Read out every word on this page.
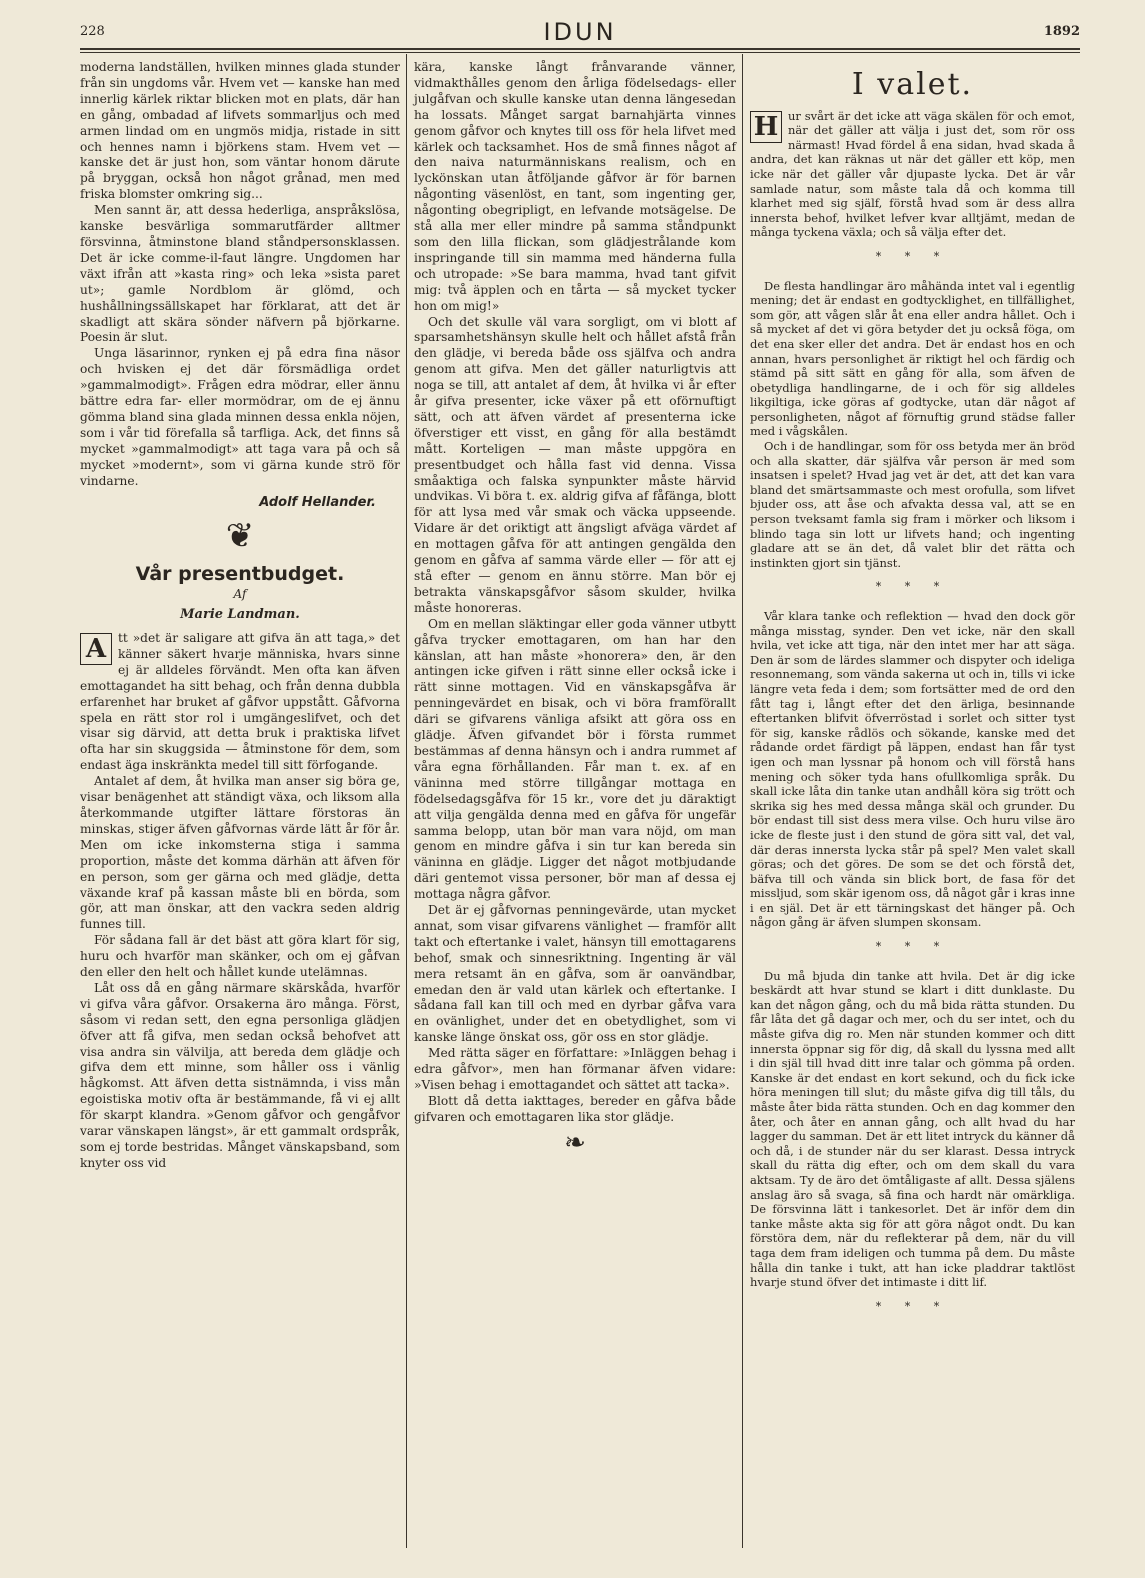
228	IDUN	1892

moderna landställen, hvilken minnes glada stunder från sin ungdoms vår. Hvem vet — kanske han med innerlig kärlek riktar blicken mot en plats, där han en gång, ombadad af lifvets sommarljus och med armen lindad om en ungmös midja, ristade in sitt och hennes namn i björkens stam. Hvem vet — kanske det är just hon, som väntar honom därute på bryggan, också hon något grånad, men med friska blomster omkring sig...

Men sannt är, att dessa hederliga, anspråkslösa, kanske besvärliga sommarutfärder alltmer försvinna, åtminstone bland ståndpersonsklassen. Det är icke comme-il-faut längre. Ungdomen har växt ifrån att »kasta ring» och leka »sista paret ut»; gamle Nordblom är glömd, och hushållningssällskapet har förklarat, att det är skadligt att skära sönder näfvern på björkarne. Poesin är slut.

Unga läsarinnor, rynken ej på edra fina näsor och hvisken ej det där försmädliga ordet »gammalmodigt». Frågen edra mödrar, eller ännu bättre edra far- eller mormödrar, om de ej ännu gömma bland sina glada minnen dessa enkla nöjen, som i vår tid förefalla så tarfliga. Ack, det finns så mycket »gammalmodigt» att taga vara på och så mycket »modernt», som vi gärna kunde strö för vindarne.

Adolf Hellander.
❦
Vår presentbudget.
Af
Marie Landman.

A tt »det är saligare att gifva än att taga,» det känner säkert hvarje människa, hvars sinne ej är alldeles förvändt. Men ofta kan äfven emottagandet ha sitt behag, och från denna dubbla erfarenhet har bruket af gåfvor uppstått. Gåfvorna spela en rätt stor rol i umgängeslifvet, och det visar sig därvid, att detta bruk i praktiska lifvet ofta har sin skuggsida — åtminstone för dem, som endast äga inskränkta medel till sitt förfogande.

Antalet af dem, åt hvilka man anser sig böra ge, visar benägenhet att ständigt växa, och liksom alla återkommande utgifter lättare förstoras än minskas, stiger äfven gåfvornas värde lätt år för år. Men om icke inkomsterna stiga i samma proportion, måste det komma därhän att äfven för en person, som ger gärna och med glädje, detta växande kraf på kassan måste bli en börda, som gör, att man önskar, att den vackra seden aldrig funnes till.

För sådana fall är det bäst att göra klart för sig, huru och hvarför man skänker, och om ej gåfvan den eller den helt och hållet kunde utelämnas.

Låt oss då en gång närmare skärskåda, hvarför vi gifva våra gåfvor. Orsakerna äro många. Först, såsom vi redan sett, den egna personliga glädjen öfver att få gifva, men sedan också behofvet att visa andra sin välvilja, att bereda dem glädje och gifva dem ett minne, som håller oss i vänlig hågkomst. Att äfven detta sistnämnda, i viss mån egoistiska motiv ofta är bestämmande, få vi ej allt för skarpt klandra. »Genom gåfvor och gengåfvor varar vänskapen längst», är ett gammalt ordspråk, som ej torde bestridas. Månget vänskapsband, som knyter oss vid

kära, kanske långt frånvarande vänner, vidmakthålles genom den årliga födelsedags- eller julgåfvan och skulle kanske utan denna längesedan ha lossats. Månget sargat barnahjärta vinnes genom gåfvor och knytes till oss för hela lifvet med kärlek och tacksamhet. Hos de små finnes något af den naiva naturmänniskans realism, och en lyckönskan utan åtföljande gåfvor är för barnen någonting väsenlöst, en tant, som ingenting ger, någonting obegripligt, en lefvande motsägelse. De stå alla mer eller mindre på samma ståndpunkt som den lilla flickan, som glädjestrålande kom inspringande till sin mamma med händerna fulla och utropade: »Se bara mamma, hvad tant gifvit mig: två äpplen och en tårta — så mycket tycker hon om mig!»

Och det skulle väl vara sorgligt, om vi blott af sparsamhetshänsyn skulle helt och hållet afstå från den glädje, vi bereda både oss själfva och andra genom att gifva. Men det gäller naturligtvis att noga se till, att antalet af dem, åt hvilka vi år efter år gifva presenter, icke växer på ett oförnuftigt sätt, och att äfven värdet af presenterna icke öfverstiger ett visst, en gång för alla bestämdt mått. Korteligen — man måste uppgöra en presentbudget och hålla fast vid denna. Vissa småaktiga och falska synpunkter måste härvid undvikas. Vi böra t. ex. aldrig gifva af fåfänga, blott för att lysa med vår smak och väcka uppseende. Vidare är det oriktigt att ängsligt afväga värdet af en mottagen gåfva för att antingen gengälda den genom en gåfva af samma värde eller — för att ej stå efter — genom en ännu större. Man bör ej betrakta vänskapsgåfvor såsom skulder, hvilka måste honoreras.

Om en mellan släktingar eller goda vänner utbytt gåfva trycker emottagaren, om han har den känslan, att han måste »honorera» den, är den antingen icke gifven i rätt sinne eller också icke i rätt sinne mottagen. Vid en vänskapsgåfva är penningevärdet en bisak, och vi böra framförallt däri se gifvarens vänliga afsikt att göra oss en glädje. Äfven gifvandet bör i första rummet bestämmas af denna hänsyn och i andra rummet af våra egna förhållanden. Får man t. ex. af en väninna med större tillgångar mottaga en födelsedagsgåfva för 15 kr., vore det ju däraktigt att vilja gengälda denna med en gåfva för ungefär samma belopp, utan bör man vara nöjd, om man genom en mindre gåfva i sin tur kan bereda sin väninna en glädje. Ligger det något motbjudande däri gentemot vissa personer, bör man af dessa ej mottaga några gåfvor.

Det är ej gåfvornas penningevärde, utan mycket annat, som visar gifvarens vänlighet — framför allt takt och eftertanke i valet, hänsyn till emottagarens behof, smak och sinnesriktning. Ingenting är väl mera retsamt än en gåfva, som är oanvändbar, emedan den är vald utan kärlek och eftertanke. I sådana fall kan till och med en dyrbar gåfva vara en ovänlighet, under det en obetydlighet, som vi kanske länge önskat oss, gör oss en stor glädje.

Med rätta säger en författare: »Inläggen behag i edra gåfvor», men han förmanar äfven vidare: »Visen behag i emottagandet och sättet att tacka».

Blott då detta iakttages, bereder en gåfva både gifvaren och emottagaren lika stor glädje.

❧
I valet.

H ur svårt är det icke att väga skälen för och emot, när det gäller att välja i just det, som rör oss närmast! Hvad fördel å ena sidan, hvad skada å andra, det kan räknas ut när det gäller ett köp, men icke när det gäller vår djupaste lycka. Det är vår samlade natur, som måste tala då och komma till klarhet med sig själf, förstå hvad som är dess allra innersta behof, hvilket lefver kvar alltjämt, medan de många tyckena växla; och så välja efter det.

* * *

De flesta handlingar äro måhända intet val i egentlig mening; det är endast en godtycklighet, en tillfällighet, som gör, att vågen slår åt ena eller andra hållet. Och i så mycket af det vi göra betyder det ju också föga, om det ena sker eller det andra. Det är endast hos en och annan, hvars personlighet är riktigt hel och färdig och stämd på sitt sätt en gång för alla, som äfven de obetydliga handlingarne, de i och för sig alldeles likgiltiga, icke göras af godtycke, utan där något af personligheten, något af förnuftig grund städse faller med i vågskålen.

Och i de handlingar, som för oss betyda mer än bröd och alla skatter, där själfva vår person är med som insatsen i spelet? Hvad jag vet är det, att det kan vara bland det smärtsammaste och mest orofulla, som lifvet bjuder oss, att åse och afvakta dessa val, att se en person tveksamt famla sig fram i mörker och liksom i blindo taga sin lott ur lifvets hand; och ingenting gladare att se än det, då valet blir det rätta och instinkten gjort sin tjänst.

* * *

Vår klara tanke och reflektion — hvad den dock gör många misstag, synder. Den vet icke, när den skall hvila, vet icke att tiga, när den intet mer har att säga. Den är som de lärdes slammer och dispyter och ideliga resonnemang, som vända sakerna ut och in, tills vi icke längre veta feda i dem; som fortsätter med de ord den fått tag i, långt efter det den ärliga, besinnande eftertanken blifvit öfverröstad i sorlet och sitter tyst för sig, kanske rådlös och sökande, kanske med det rådande ordet färdigt på läppen, endast han får tyst igen och man lyssnar på honom och vill förstå hans mening och söker tyda hans ofullkomliga språk. Du skall icke låta din tanke utan andhåll köra sig trött och skrika sig hes med dessa många skäl och grunder. Du bör endast till sist dess mera vilse. Och huru vilse äro icke de fleste just i den stund de göra sitt val, det val, där deras innersta lycka står på spel? Men valet skall göras; och det göres. De som se det och förstå det, bäfva till och vända sin blick bort, de fasa för det missljud, som skär igenom oss, då något går i kras inne i en själ. Det är ett tärningskast det hänger på. Och någon gång är äfven slumpen skonsam.

* * *

Du må bjuda din tanke att hvila. Det är dig icke beskärdt att hvar stund se klart i ditt dunklaste. Du kan det någon gång, och du må bida rätta stunden. Du får låta det gå dagar och mer, och du ser intet, och du måste gifva dig ro. Men när stunden kommer och ditt innersta öppnar sig för dig, då skall du lyssna med allt i din själ till hvad ditt inre talar och gömma på orden. Kanske är det endast en kort sekund, och du fick icke höra meningen till slut; du måste gifva dig till tåls, du måste åter bida rätta stunden. Och en dag kommer den åter, och åter en annan gång, och allt hvad du har lagger du samman. Det är ett litet intryck du känner då och då, i de stunder när du ser klarast. Dessa intryck skall du rätta dig efter, och om dem skall du vara aktsam. Ty de äro det ömtåligaste af allt. Dessa själens anslag äro så svaga, så fina och hardt när omärkliga. De försvinna lätt i tankesorlet. Det är inför dem din tanke måste akta sig för att göra något ondt. Du kan förstöra dem, när du reflekterar på dem, när du vill taga dem fram ideligen och tumma på dem. Du måste hålla din tanke i tukt, att han icke pladdrar taktlöst hvarje stund öfver det intimaste i ditt lif.

* * *
